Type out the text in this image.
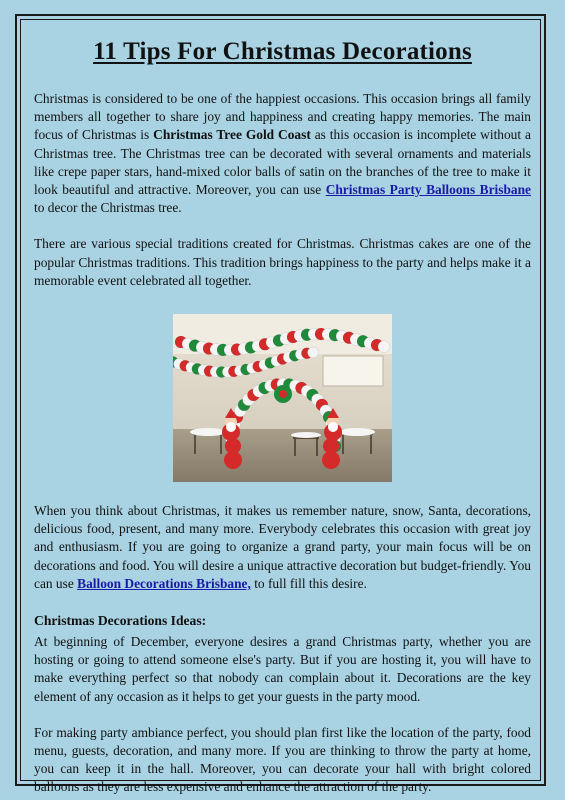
11 Tips For Christmas Decorations

Christmas is considered to be one of the happiest occasions. This occasion brings all family members all together to share joy and happiness and creating happy memories. The main focus of Christmas is Christmas Tree Gold Coast as this occasion is incomplete without a Christmas tree. The Christmas tree can be decorated with several ornaments and materials like crepe paper stars, hand-mixed color balls of satin on the branches of the tree to make it look beautiful and attractive. Moreover, you can use Christmas Party Balloons Brisbane to decor the Christmas tree.

There are various special traditions created for Christmas. Christmas cakes are one of the popular Christmas traditions. This tradition brings happiness to the party and helps make it a memorable event celebrated all together.

When you think about Christmas, it makes us remember nature, snow, Santa, decorations, delicious food, present, and many more. Everybody celebrates this occasion with great joy and enthusiasm. If you are going to organize a grand party, your main focus will be on decorations and food. You will desire a unique attractive decoration but budget-friendly. You can use Balloon Decorations Brisbane, to full fill this desire.

Christmas Decorations Ideas:

At beginning of December, everyone desires a grand Christmas party, whether you are hosting or going to attend someone else's party. But if you are hosting it, you will have to make everything perfect so that nobody can complain about it. Decorations are the key element of any occasion as it helps to get your guests in the party mood.

For making party ambiance perfect, you should plan first like the location of the party, food menu, guests, decoration, and many more. If you are thinking to throw the party at home, you can keep it in the hall. Moreover, you can decorate your hall with bright colored balloons as they are less expensive and enhance the attraction of the party.
